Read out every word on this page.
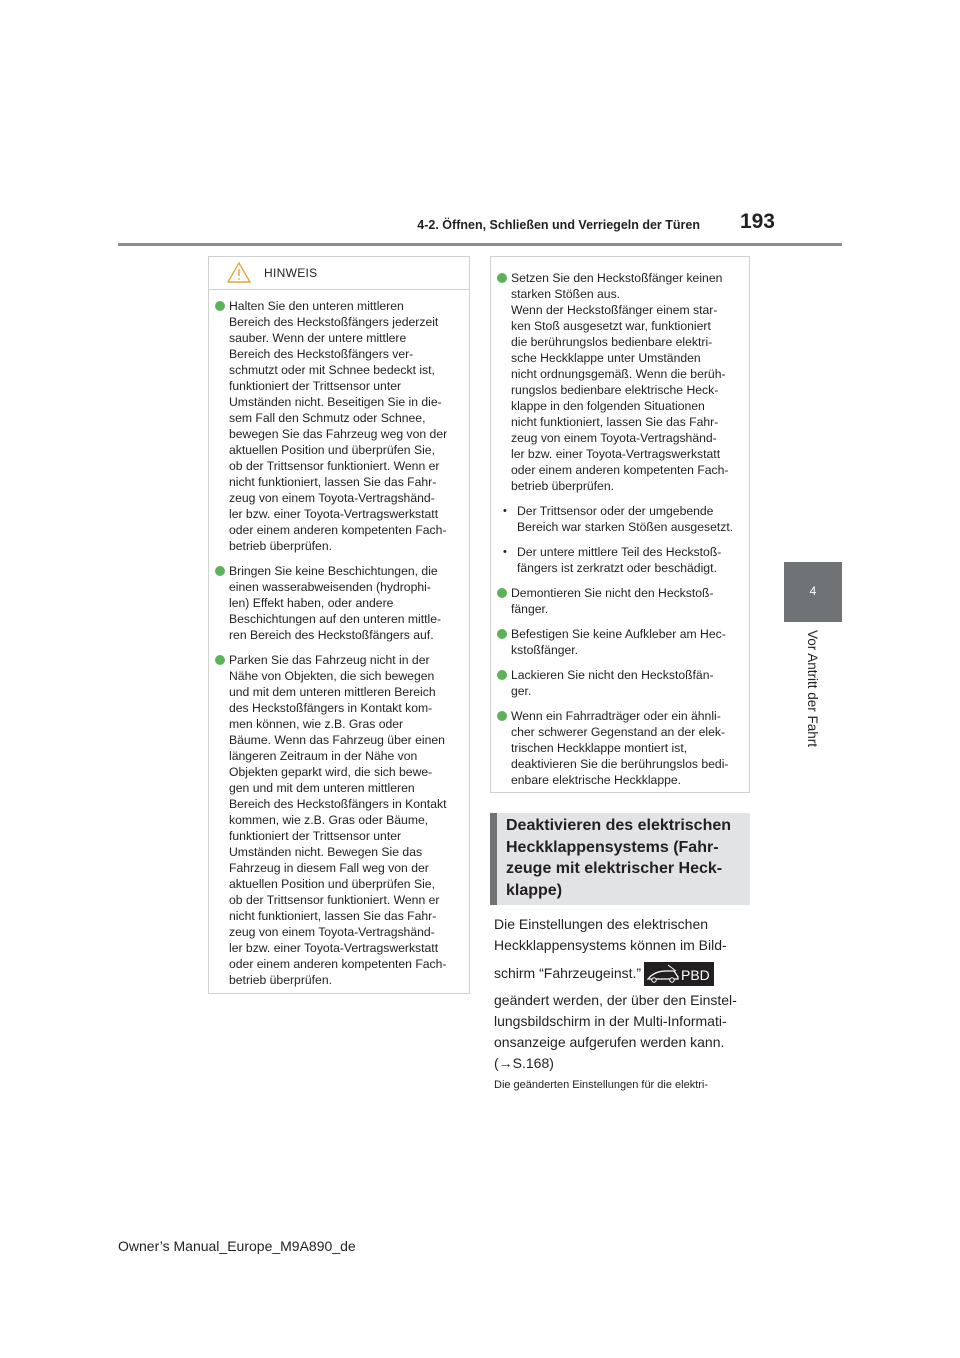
4-2. Öffnen, Schließen und Verriegeln der Türen	193
4
Vor Antritt der Fahrt
HINWEIS
Halten Sie den unteren mittleren
Bereich des Heckstoßfängers jederzeit
sauber. Wenn der untere mittlere
Bereich des Heckstoßfängers ver-
schmutzt oder mit Schnee bedeckt ist,
funktioniert der Trittsensor unter
Umständen nicht. Beseitigen Sie in die-
sem Fall den Schmutz oder Schnee,
bewegen Sie das Fahrzeug weg von der
aktuellen Position und überprüfen Sie,
ob der Trittsensor funktioniert. Wenn er
nicht funktioniert, lassen Sie das Fahr-
zeug von einem Toyota-Vertragshänd-
ler bzw. einer Toyota-Vertragswerkstatt
oder einem anderen kompetenten Fach-
betrieb überprüfen.
Bringen Sie keine Beschichtungen, die
einen wasserabweisenden (hydrophi-
len) Effekt haben, oder andere
Beschichtungen auf den unteren mittle-
ren Bereich des Heckstoßfängers auf.
Parken Sie das Fahrzeug nicht in der
Nähe von Objekten, die sich bewegen
und mit dem unteren mittleren Bereich
des Heckstoßfängers in Kontakt kom-
men können, wie z.B. Gras oder
Bäume. Wenn das Fahrzeug über einen
längeren Zeitraum in der Nähe von
Objekten geparkt wird, die sich bewe-
gen und mit dem unteren mittleren
Bereich des Heckstoßfängers in Kontakt
kommen, wie z.B. Gras oder Bäume,
funktioniert der Trittsensor unter
Umständen nicht. Bewegen Sie das
Fahrzeug in diesem Fall weg von der
aktuellen Position und überprüfen Sie,
ob der Trittsensor funktioniert. Wenn er
nicht funktioniert, lassen Sie das Fahr-
zeug von einem Toyota-Vertragshänd-
ler bzw. einer Toyota-Vertragswerkstatt
oder einem anderen kompetenten Fach-
betrieb überprüfen.
Setzen Sie den Heckstoßfänger keinen
starken Stößen aus.
Wenn der Heckstoßfänger einem star-
ken Stoß ausgesetzt war, funktioniert
die berührungslos bedienbare elektri-
sche Heckklappe unter Umständen
nicht ordnungsgemäß. Wenn die berüh-
rungslos bedienbare elektrische Heck-
klappe in den folgenden Situationen
nicht funktioniert, lassen Sie das Fahr-
zeug von einem Toyota-Vertragshänd-
ler bzw. einer Toyota-Vertragswerkstatt
oder einem anderen kompetenten Fach-
betrieb überprüfen.
• Der Trittsensor oder der umgebende
Bereich war starken Stößen ausgesetzt.
• Der untere mittlere Teil des Heckstoß-
fängers ist zerkratzt oder beschädigt.
Demontieren Sie nicht den Heckstoß-
fänger.
Befestigen Sie keine Aufkleber am Hec-
kstoßfänger.
Lackieren Sie nicht den Heckstoßfän-
ger.
Wenn ein Fahrradträger oder ein ähnli-
cher schwerer Gegenstand an der elek-
trischen Heckklappe montiert ist,
deaktivieren Sie die berührungslos bedi-
enbare elektrische Heckklappe.
Deaktivieren des elektrischen
Heckklappensystems (Fahr-
zeuge mit elektrischer Heck-
klappe)
Die Einstellungen des elektrischen
Heckklappensystems können im Bild-
schirm “Fahrzeugeinst.”	PBD
geändert werden, der über den Einstel-
lungsbildschirm in der Multi-Informati-
onsanzeige aufgerufen werden kann.
(→S.168)
Die geänderten Einstellungen für die elektri-
Owner’s Manual_Europe_M9A890_de
